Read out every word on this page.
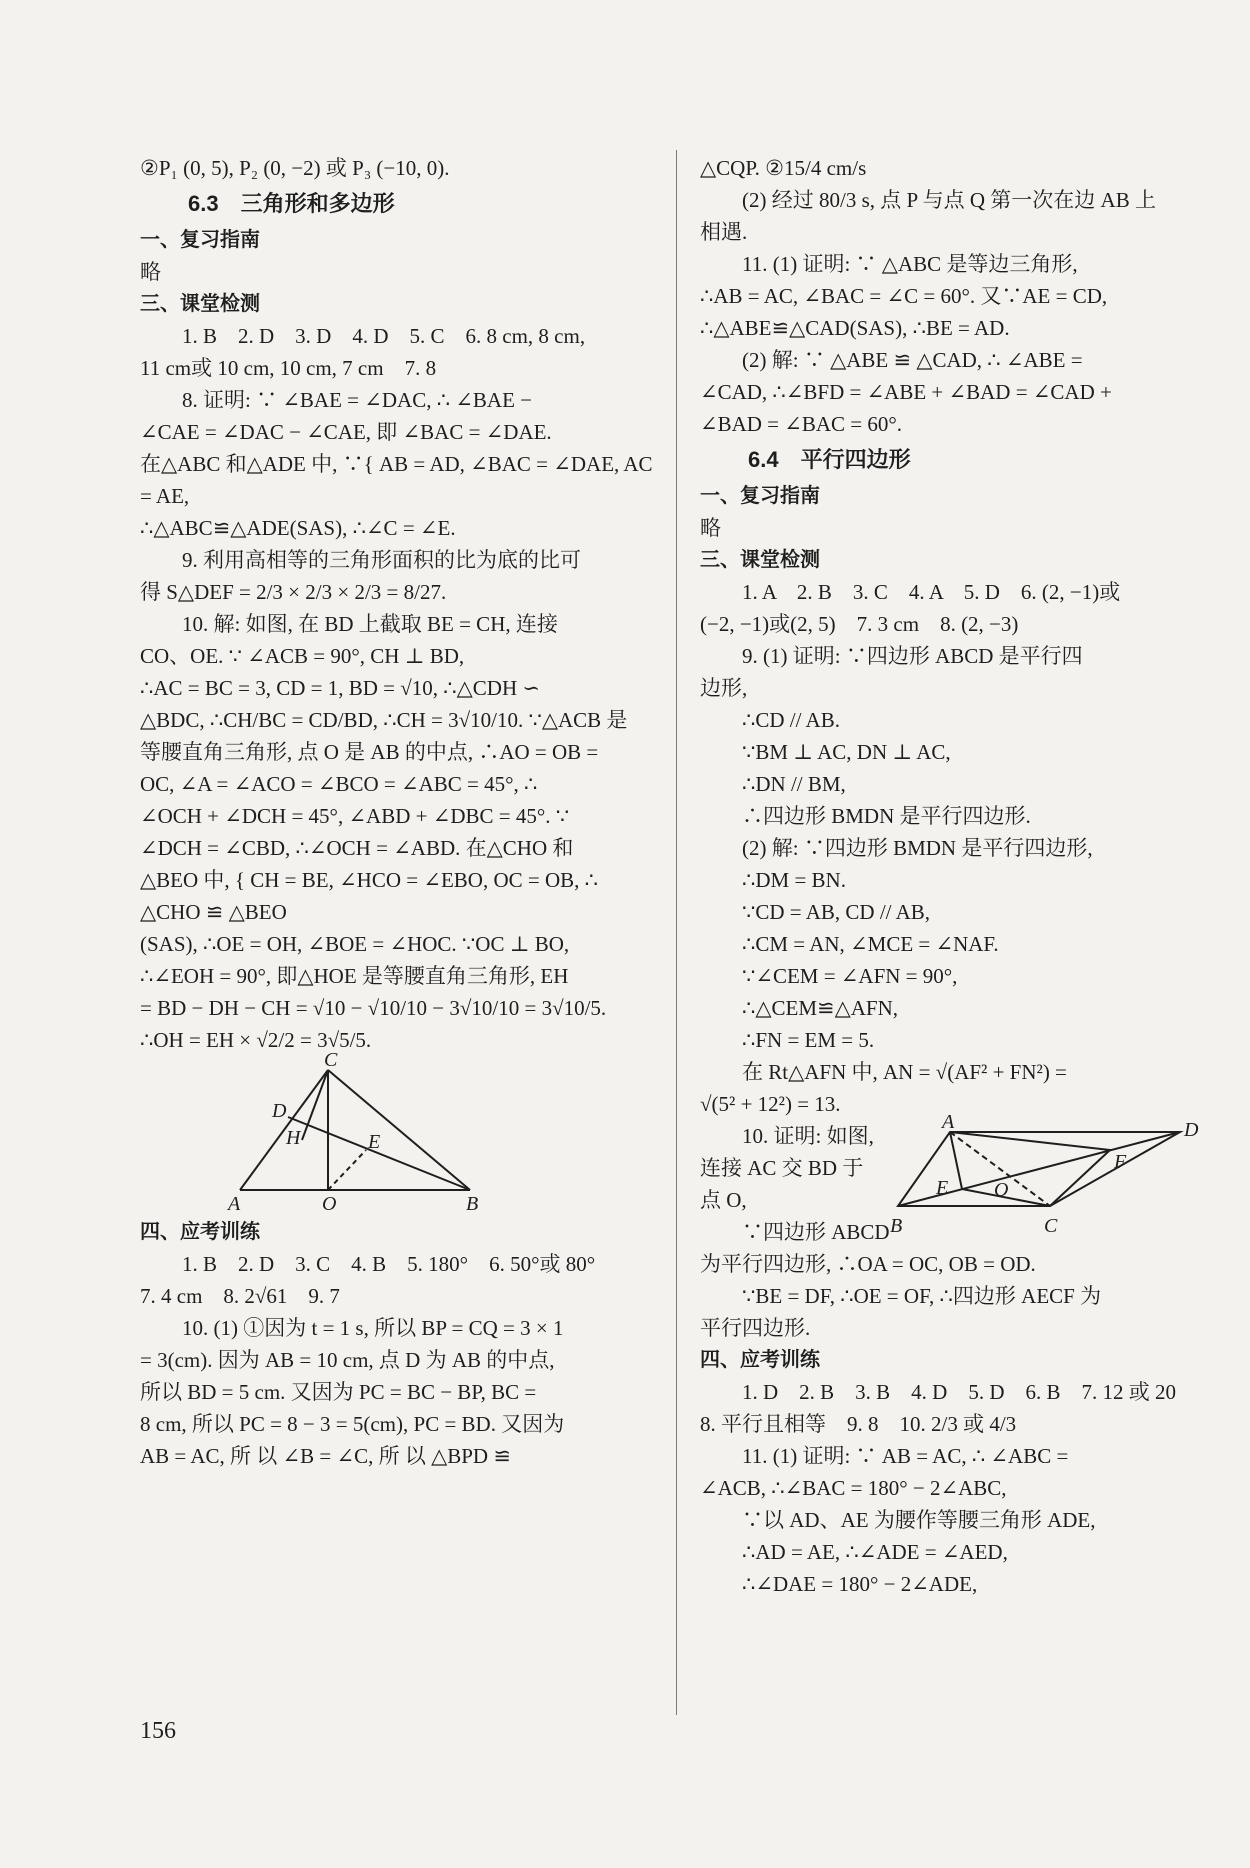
②P₁ (0, 5), P₂ (0, −2) 或 P₃ (−10, 0).

6.3　三角形和多边形

一、复习指南

略

三、课堂检测

1. B　2. D　3. D　4. D　5. C　6. 8 cm, 8 cm,

11 cm或 10 cm, 10 cm, 7 cm　7. 8

8. 证明: ∵ ∠BAE = ∠DAC, ∴ ∠BAE −

∠CAE = ∠DAC − ∠CAE, 即 ∠BAC = ∠DAE.

在△ABC 和△ADE 中, ∵{ AB = AD, ∠BAC = ∠DAE, AC = AE,

∴△ABC≌△ADE(SAS), ∴∠C = ∠E.

9. 利用高相等的三角形面积的比为底的比可

得 S△DEF = 2/3 × 2/3 × 2/3 = 8/27.

10. 解: 如图, 在 BD 上截取 BE = CH, 连接

CO、OE. ∵ ∠ACB = 90°, CH ⊥ BD,

∴AC = BC = 3, CD = 1, BD = √10, ∴△CDH ∽

△BDC, ∴CH/BC = CD/BD, ∴CH = 3√10/10. ∵△ACB 是

等腰直角三角形, 点 O 是 AB 的中点, ∴AO = OB =

OC, ∠A = ∠ACO = ∠BCO = ∠ABC = 45°, ∴

∠OCH + ∠DCH = 45°, ∠ABD + ∠DBC = 45°. ∵

∠DCH = ∠CBD, ∴∠OCH = ∠ABD. 在△CHO 和

△BEO 中, { CH = BE, ∠HCO = ∠EBO, OC = OB, ∴ △CHO ≌ △BEO

(SAS), ∴OE = OH, ∠BOE = ∠HOC. ∵OC ⊥ BO,

∴∠EOH = 90°, 即△HOE 是等腰直角三角形, EH

= BD − DH − CH = √10 − √10/10 − 3√10/10 = 3√10/5.

∴OH = EH × √2/2 = 3√5/5.

C
D
H	E
A	O	B

四、应考训练

1. B　2. D　3. C　4. B　5. 180°　6. 50°或 80°

7. 4 cm　8. 2√61　9. 7

10. (1) ①因为 t = 1 s, 所以 BP = CQ = 3 × 1

= 3(cm). 因为 AB = 10 cm, 点 D 为 AB 的中点,

所以 BD = 5 cm. 又因为 PC = BC − BP, BC =

8 cm, 所以 PC = 8 − 3 = 5(cm), PC = BD. 又因为

AB = AC, 所 以 ∠B = ∠C, 所 以 △BPD ≌

△CQP. ②15/4 cm/s

(2) 经过 80/3 s, 点 P 与点 Q 第一次在边 AB 上

相遇.

11. (1) 证明: ∵ △ABC 是等边三角形,

∴AB = AC, ∠BAC = ∠C = 60°. 又∵AE = CD,

∴△ABE≌△CAD(SAS), ∴BE = AD.

(2) 解: ∵ △ABE ≌ △CAD, ∴ ∠ABE =

∠CAD, ∴∠BFD = ∠ABE + ∠BAD = ∠CAD +

∠BAD = ∠BAC = 60°.

6.4　平行四边形

一、复习指南

略

三、课堂检测

1. A　2. B　3. C　4. A　5. D　6. (2, −1)或

(−2, −1)或(2, 5)　7. 3 cm　8. (2, −3)

9. (1) 证明: ∵四边形 ABCD 是平行四

边形,

∴CD // AB.

∵BM ⊥ AC, DN ⊥ AC,

∴DN // BM,

∴四边形 BMDN 是平行四边形.

(2) 解: ∵四边形 BMDN 是平行四边形,

∴DM = BN.

∵CD = AB, CD // AB,

∴CM = AN, ∠MCE = ∠NAF.

∵∠CEM = ∠AFN = 90°,

∴△CEM≌△AFN,

∴FN = EM = 5.

在 Rt△AFN 中, AN = √(AF² + FN²) =

√(5² + 12²) = 13.

10. 证明: 如图,

连接 AC 交 BD 于

点 O,

∵四边形 ABCD

A	D
F
E O
B	C

为平行四边形, ∴OA = OC, OB = OD.

∵BE = DF, ∴OE = OF, ∴四边形 AECF 为

平行四边形.

四、应考训练

1. D　2. B　3. B　4. D　5. D　6. B　7. 12 或 20

8. 平行且相等　9. 8　10. 2/3 或 4/3

11. (1) 证明: ∵ AB = AC, ∴ ∠ABC =

∠ACB, ∴∠BAC = 180° − 2∠ABC,

∵以 AD、AE 为腰作等腰三角形 ADE,

∴AD = AE, ∴∠ADE = ∠AED,

∴∠DAE = 180° − 2∠ADE,

156
